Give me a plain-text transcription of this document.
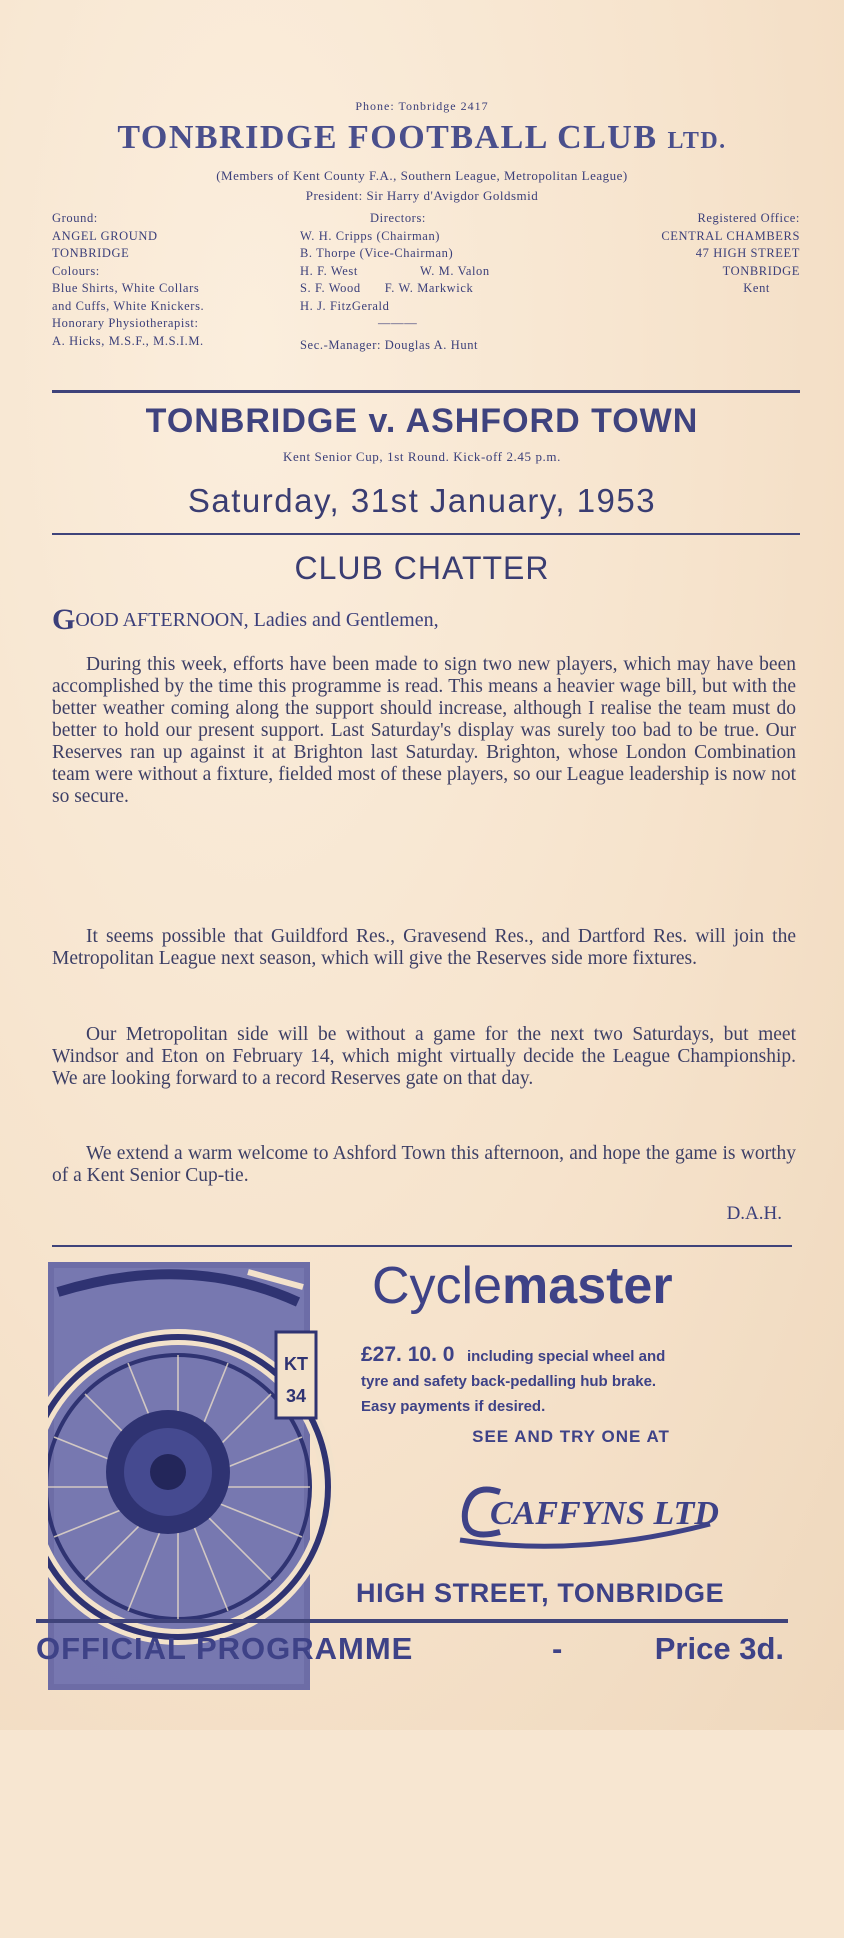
Phone: Tonbridge 2417
TONBRIDGE FOOTBALL CLUB LTD.
(Members of Kent County F.A., Southern League, Metropolitan League)
President: Sir Harry d'Avigdor Goldsmid

Ground:

ANGEL GROUND

TONBRIDGE

Colours:

Blue Shirts, White Collars

and Cuffs, White Knickers.

Honorary Physiotherapist:

A. Hicks, M.S.F., M.S.I.M.

Directors:

W. H. Cripps (Chairman)

B. Thorpe (Vice-Chairman)

H. F. West	W. M. Valon

S. F. Wood F. W. Markwick

H. J. FitzGerald

———

Sec.-Manager: Douglas A. Hunt

Registered Office:

CENTRAL CHAMBERS

47 HIGH STREET

TONBRIDGE

Kent

TONBRIDGE v. ASHFORD TOWN
Kent Senior Cup, 1st Round. Kick-off 2.45 p.m.
Saturday, 31st January, 1953
CLUB CHATTER
GOOD AFTERNOON, Ladies and Gentlemen,
During this week, efforts have been made to sign two new players, which may have been accomplished by the time this programme is read. This means a heavier wage bill, but with the better weather coming along the support should increase, although I realise the team must do better to hold our present support. Last Saturday's display was surely too bad to be true. Our Reserves ran up against it at Brighton last Saturday. Brighton, whose London Combination team were without a fixture, fielded most of these players, so our League leadership is now not so secure.
It seems possible that Guildford Res., Gravesend Res., and Dartford Res. will join the Metropolitan League next season, which will give the Reserves side more fixtures.
Our Metropolitan side will be without a game for the next two Saturdays, but meet Windsor and Eton on February 14, which might virtually decide the League Championship. We are looking forward to a record Reserves gate on that day.
We extend a warm welcome to Ashford Town this afternoon, and hope the game is worthy of a Kent Senior Cup-tie.
D.A.H.
KT
34
Cyclemaster
£27. 10. 0 including special wheel and
tyre and safety back-pedalling hub brake.
Easy payments if desired.
SEE AND TRY ONE AT
CAFFYNS LTD
HIGH STREET, TONBRIDGE
OFFICIAL PROGRAMME	-	Price 3d.
